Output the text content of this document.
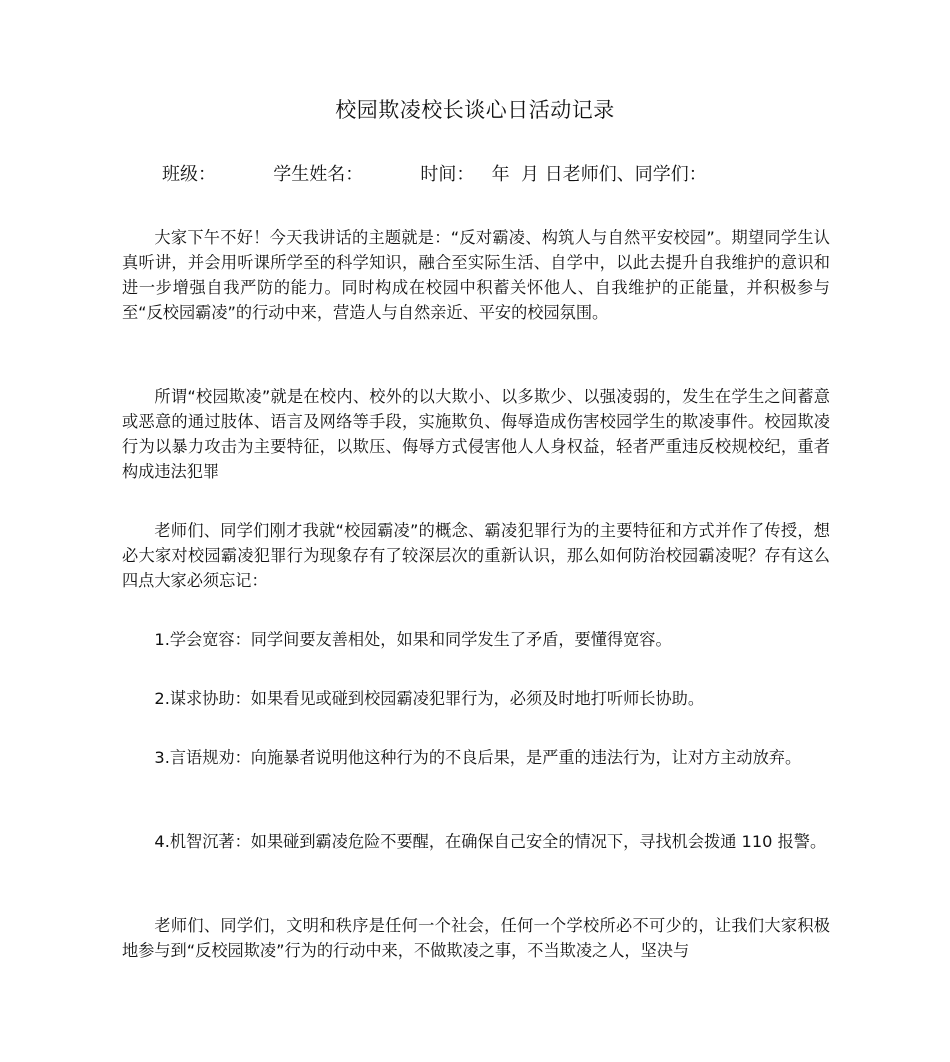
校园欺凌校长谈心日活动记录
班级：          学生姓名：          时间：   年  月 日老师们、同学们：

大家下午不好！今天我讲话的主题就是：“反对霸凌、构筑人与自然平安校园”。期望同学生认真听讲，并会用听课所学至的科学知识，融合至实际生活、自学中，以此去提升自我维护的意识和进一步增强自我严防的能力。同时构成在校园中积蓄关怀他人、自我维护的正能量，并积极参与至“反校园霸凌”的行动中来，营造人与自然亲近、平安的校园氛围。

所谓“校园欺凌”就是在校内、校外的以大欺小、以多欺少、以强凌弱的，发生在学生之间蓄意或恶意的通过肢体、语言及网络等手段，实施欺负、侮辱造成伤害校园学生的欺凌事件。校园欺凌行为以暴力攻击为主要特征，以欺压、侮辱方式侵害他人人身权益，轻者严重违反校规校纪，重者构成违法犯罪

老师们、同学们刚才我就“校园霸凌”的概念、霸凌犯罪行为的主要特征和方式并作了传授，想必大家对校园霸凌犯罪行为现象存有了较深层次的重新认识，那么如何防治校园霸凌呢？存有这么四点大家必须忘记：

1.学会宽容：同学间要友善相处，如果和同学发生了矛盾，要懂得宽容。

2.谋求协助：如果看见或碰到校园霸凌犯罪行为，必须及时地打听师长协助。

3.言语规劝：向施暴者说明他这种行为的不良后果，是严重的违法行为，让对方主动放弃。

4.机智沉著：如果碰到霸凌危险不要醒，在确保自己安全的情况下，寻找机会拨通 110 报警。

老师们、同学们，文明和秩序是任何一个社会，任何一个学校所必不可少的，让我们大家积极地参与到“反校园欺凌”行为的行动中来，不做欺凌之事，不当欺凌之人，坚决与
